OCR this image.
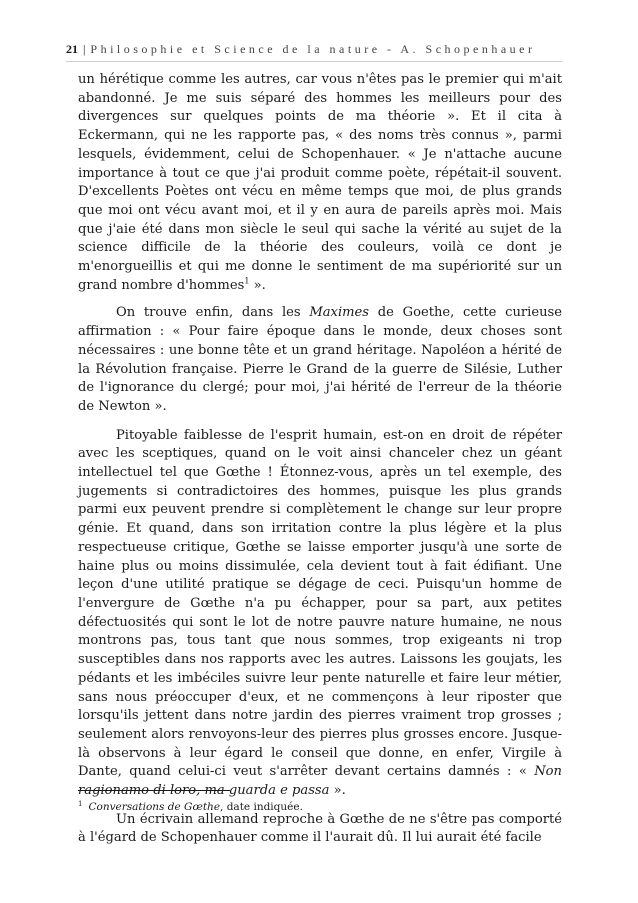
21 | Philosophie et Science de la nature - A. Schopenhauer

un hérétique comme les autres, car vous n'êtes pas le premier qui m'ait abandonné. Je me suis séparé des hommes les meilleurs pour des divergences sur quelques points de ma théorie ». Et il cita à Eckermann, qui ne les rapporte pas, « des noms très connus », parmi lesquels, évidemment, celui de Schopenhauer. « Je n'attache aucune importance à tout ce que j'ai produit comme poète, répétait-il souvent. D'excellents Poètes ont vécu en même temps que moi, de plus grands que moi ont vécu avant moi, et il y en aura de pareils après moi. Mais que j'aie été dans mon siècle le seul qui sache la vérité au sujet de la science difficile de la théorie des couleurs, voilà ce dont je m'enorgueillis et qui me donne le sentiment de ma supériorité sur un grand nombre d'hommes$^1$ ».

On trouve enfin, dans les Maximes de Goethe, cette curieuse affirmation : « Pour faire époque dans le monde, deux choses sont nécessaires : une bonne tête et un grand héritage. Napoléon a hérité de la Révolution française. Pierre le Grand de la guerre de Silésie, Luther de l'ignorance du clergé; pour moi, j'ai hérité de l'erreur de la théorie de Newton ».

Pitoyable faiblesse de l'esprit humain, est-on en droit de répéter avec les sceptiques, quand on le voit ainsi chanceler chez un géant intellectuel tel que Gœthe ! Étonnez-vous, après un tel exemple, des jugements si contradictoires des hommes, puisque les plus grands parmi eux peuvent prendre si complètement le change sur leur propre génie. Et quand, dans son irritation contre la plus légère et la plus respectueuse critique, Gœthe se laisse emporter jusqu'à une sorte de haine plus ou moins dissimulée, cela devient tout à fait édifiant. Une leçon d'une utilité pratique se dégage de ceci. Puisqu'un homme de l'envergure de Gœthe n'a pu échapper, pour sa part, aux petites défectuosités qui sont le lot de notre pauvre nature humaine, ne nous montrons pas, tous tant que nous sommes, trop exigeants ni trop susceptibles dans nos rapports avec les autres. Laissons les goujats, les pédants et les imbéciles suivre leur pente naturelle et faire leur métier, sans nous préoccuper d'eux, et ne commençons à leur riposter que lorsqu'ils jettent dans notre jardin des pierres vraiment trop grosses ; seulement alors renvoyons-leur des pierres plus grosses encore. Jusque-là observons à leur égard le conseil que donne, en enfer, Virgile à Dante, quand celui-ci veut s'arrêter devant certains damnés : « Non ragionamo di loro, ma guarda e passa ».

Un écrivain allemand reproche à Gœthe de ne s'être pas comporté à l'égard de Schopenhauer comme il l'aurait dû. Il lui aurait été facile

$^1$ Conversations de Gœthe, date indiquée.
